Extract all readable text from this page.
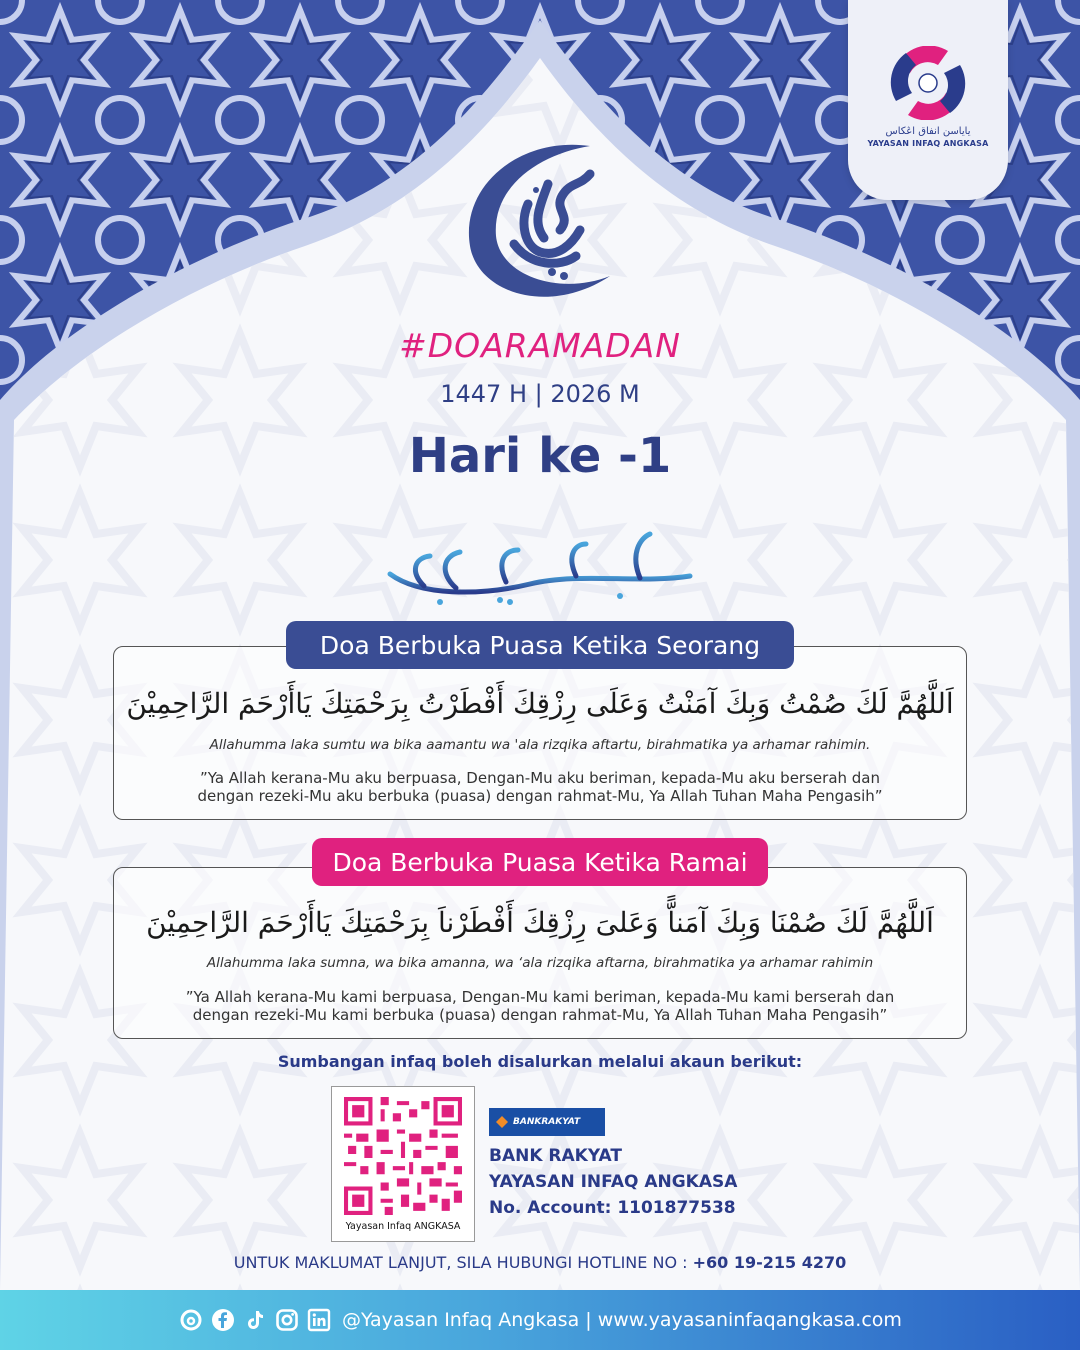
ياياسن انفاق اڠكاس
YAYASAN INFAQ ANGKASA
#DOARAMADAN
1447 H | 2026 M
Hari ke -1
اَللَّهُمَّ لَكَ صُمْتُ وَبِكَ آمَنْتُ وَعَلَى رِزْقِكَ أَفْطَرْتُ بِرَحْمَتِكَ يَاأَرْحَمَ الرَّاحِمِيْنَ
Allahumma laka sumtu wa bika aamantu wa 'ala rizqika aftartu, birahmatika ya arhamar rahimin.
”Ya Allah kerana-Mu aku berpuasa, Dengan-Mu aku beriman, kepada-Mu aku berserah dan
dengan rezeki-Mu aku berbuka (puasa) dengan rahmat-Mu, Ya Allah Tuhan Maha Pengasih”
Doa Berbuka Puasa Ketika Seorang
اَللَّهُمَّ لَكَ صُمْنَا وَبِكَ آمَناًّ وَعَلىَ رِزْقِكَ أَفْطَرْناَ بِرَحْمَتِكَ يَاأَرْحَمَ الرَّاحِمِيْنَ
Allahumma laka sumna, wa bika amanna, wa ‘ala rizqika aftarna, birahmatika ya arhamar rahimin
”Ya Allah kerana-Mu kami berpuasa, Dengan-Mu kami beriman, kepada-Mu kami berserah dan
dengan rezeki-Mu kami berbuka (puasa) dengan rahmat-Mu, Ya Allah Tuhan Maha Pengasih”
Doa Berbuka Puasa Ketika Ramai
Sumbangan infaq boleh disalurkan melalui akaun berikut:
Yayasan Infaq ANGKASA
BANKRAKYAT
BANK RAKYAT
YAYASAN INFAQ ANGKASA
No. Account: 1101877538
UNTUK MAKLUMAT LANJUT, SILA HUBUNGI HOTLINE NO : +60 19-215 4270
@Yayasan Infaq Angkasa | www.yayasaninfaqangkasa.com
